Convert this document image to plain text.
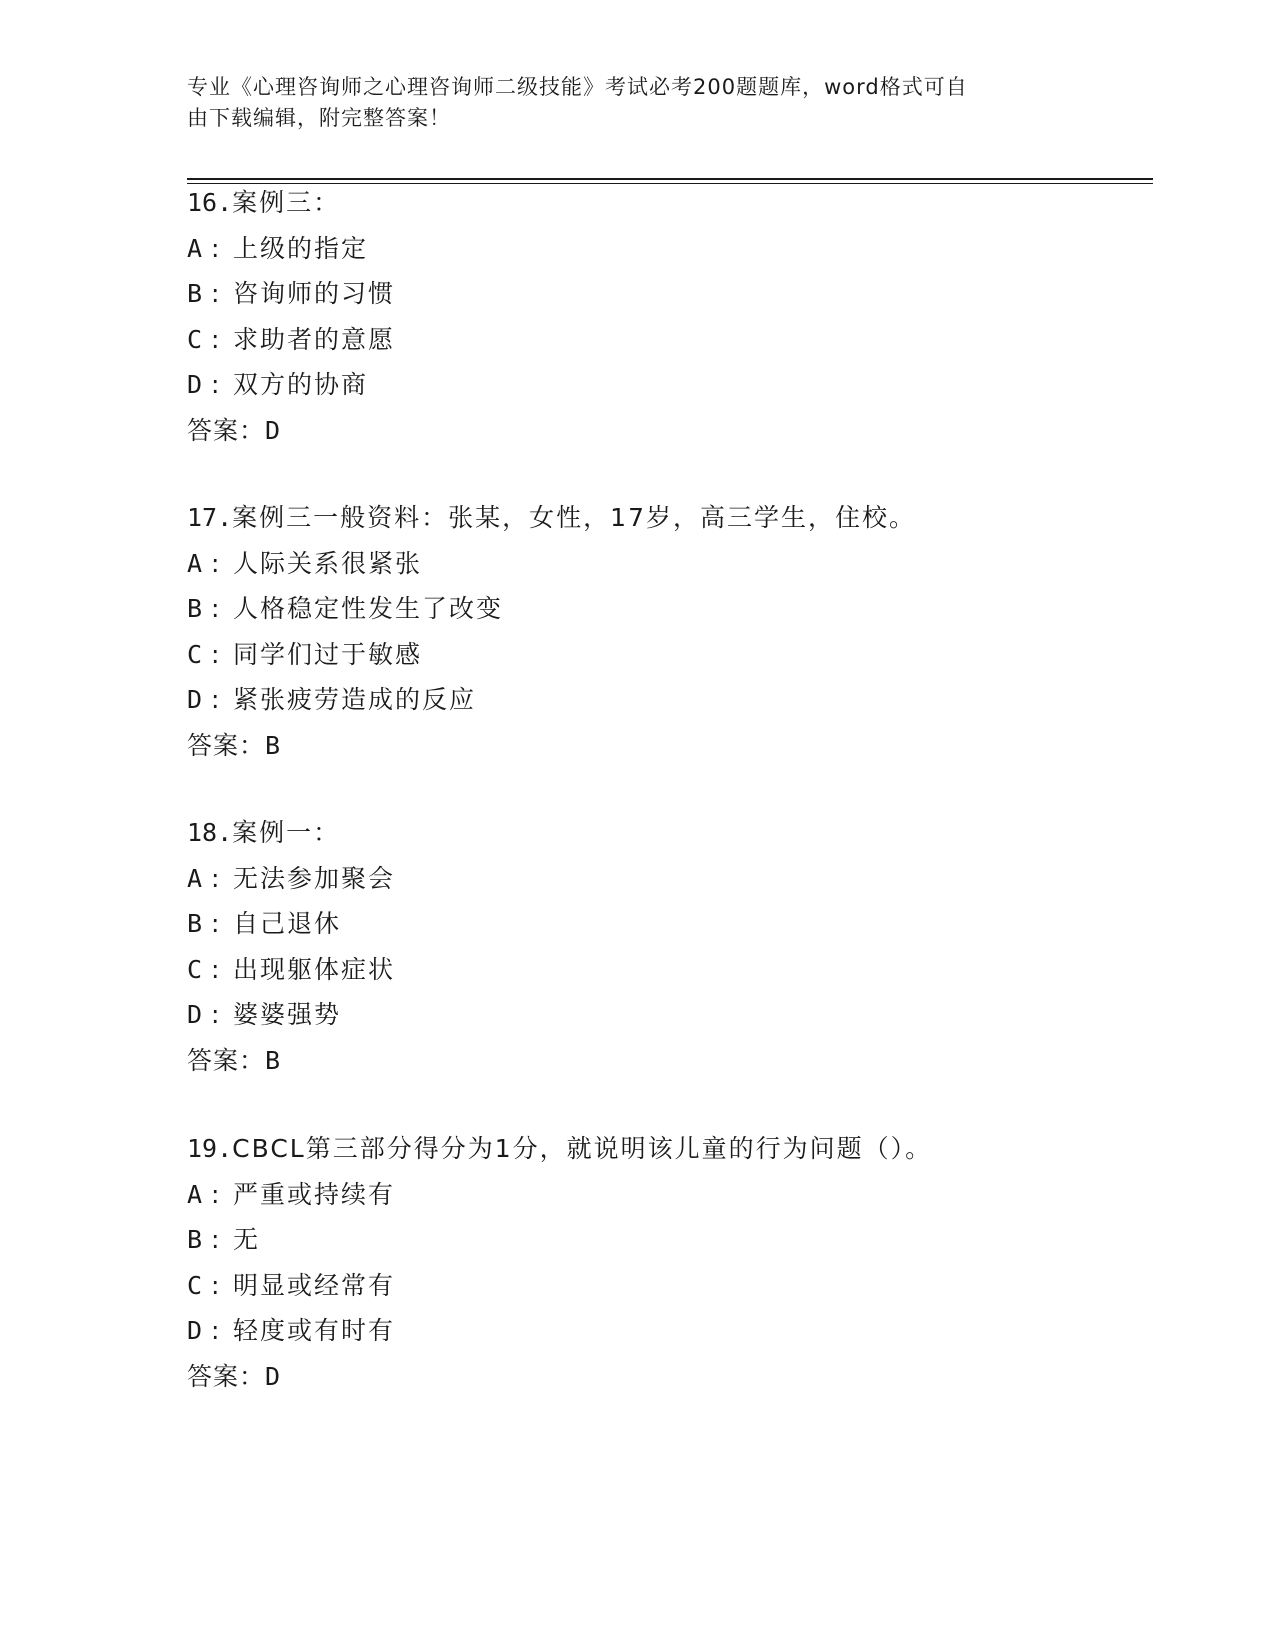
专业《心理咨询师之心理咨询师二级技能》考试必考200题题库，word格式可自
由下载编辑，附完整答案！
16.案例三：
A : 上级的指定
B : 咨询师的习惯
C : 求助者的意愿
D : 双方的协商
答案：D
17.案例三一般资料：张某，女性，17岁，高三学生，住校。
A : 人际关系很紧张
B : 人格稳定性发生了改变
C : 同学们过于敏感
D : 紧张疲劳造成的反应
答案：B
18.案例一：
A : 无法参加聚会
B : 自己退休
C : 出现躯体症状
D : 婆婆强势
答案：B
19.CBCL第三部分得分为1分，就说明该儿童的行为问题（）。
A : 严重或持续有
B : 无
C : 明显或经常有
D : 轻度或有时有
答案：D
